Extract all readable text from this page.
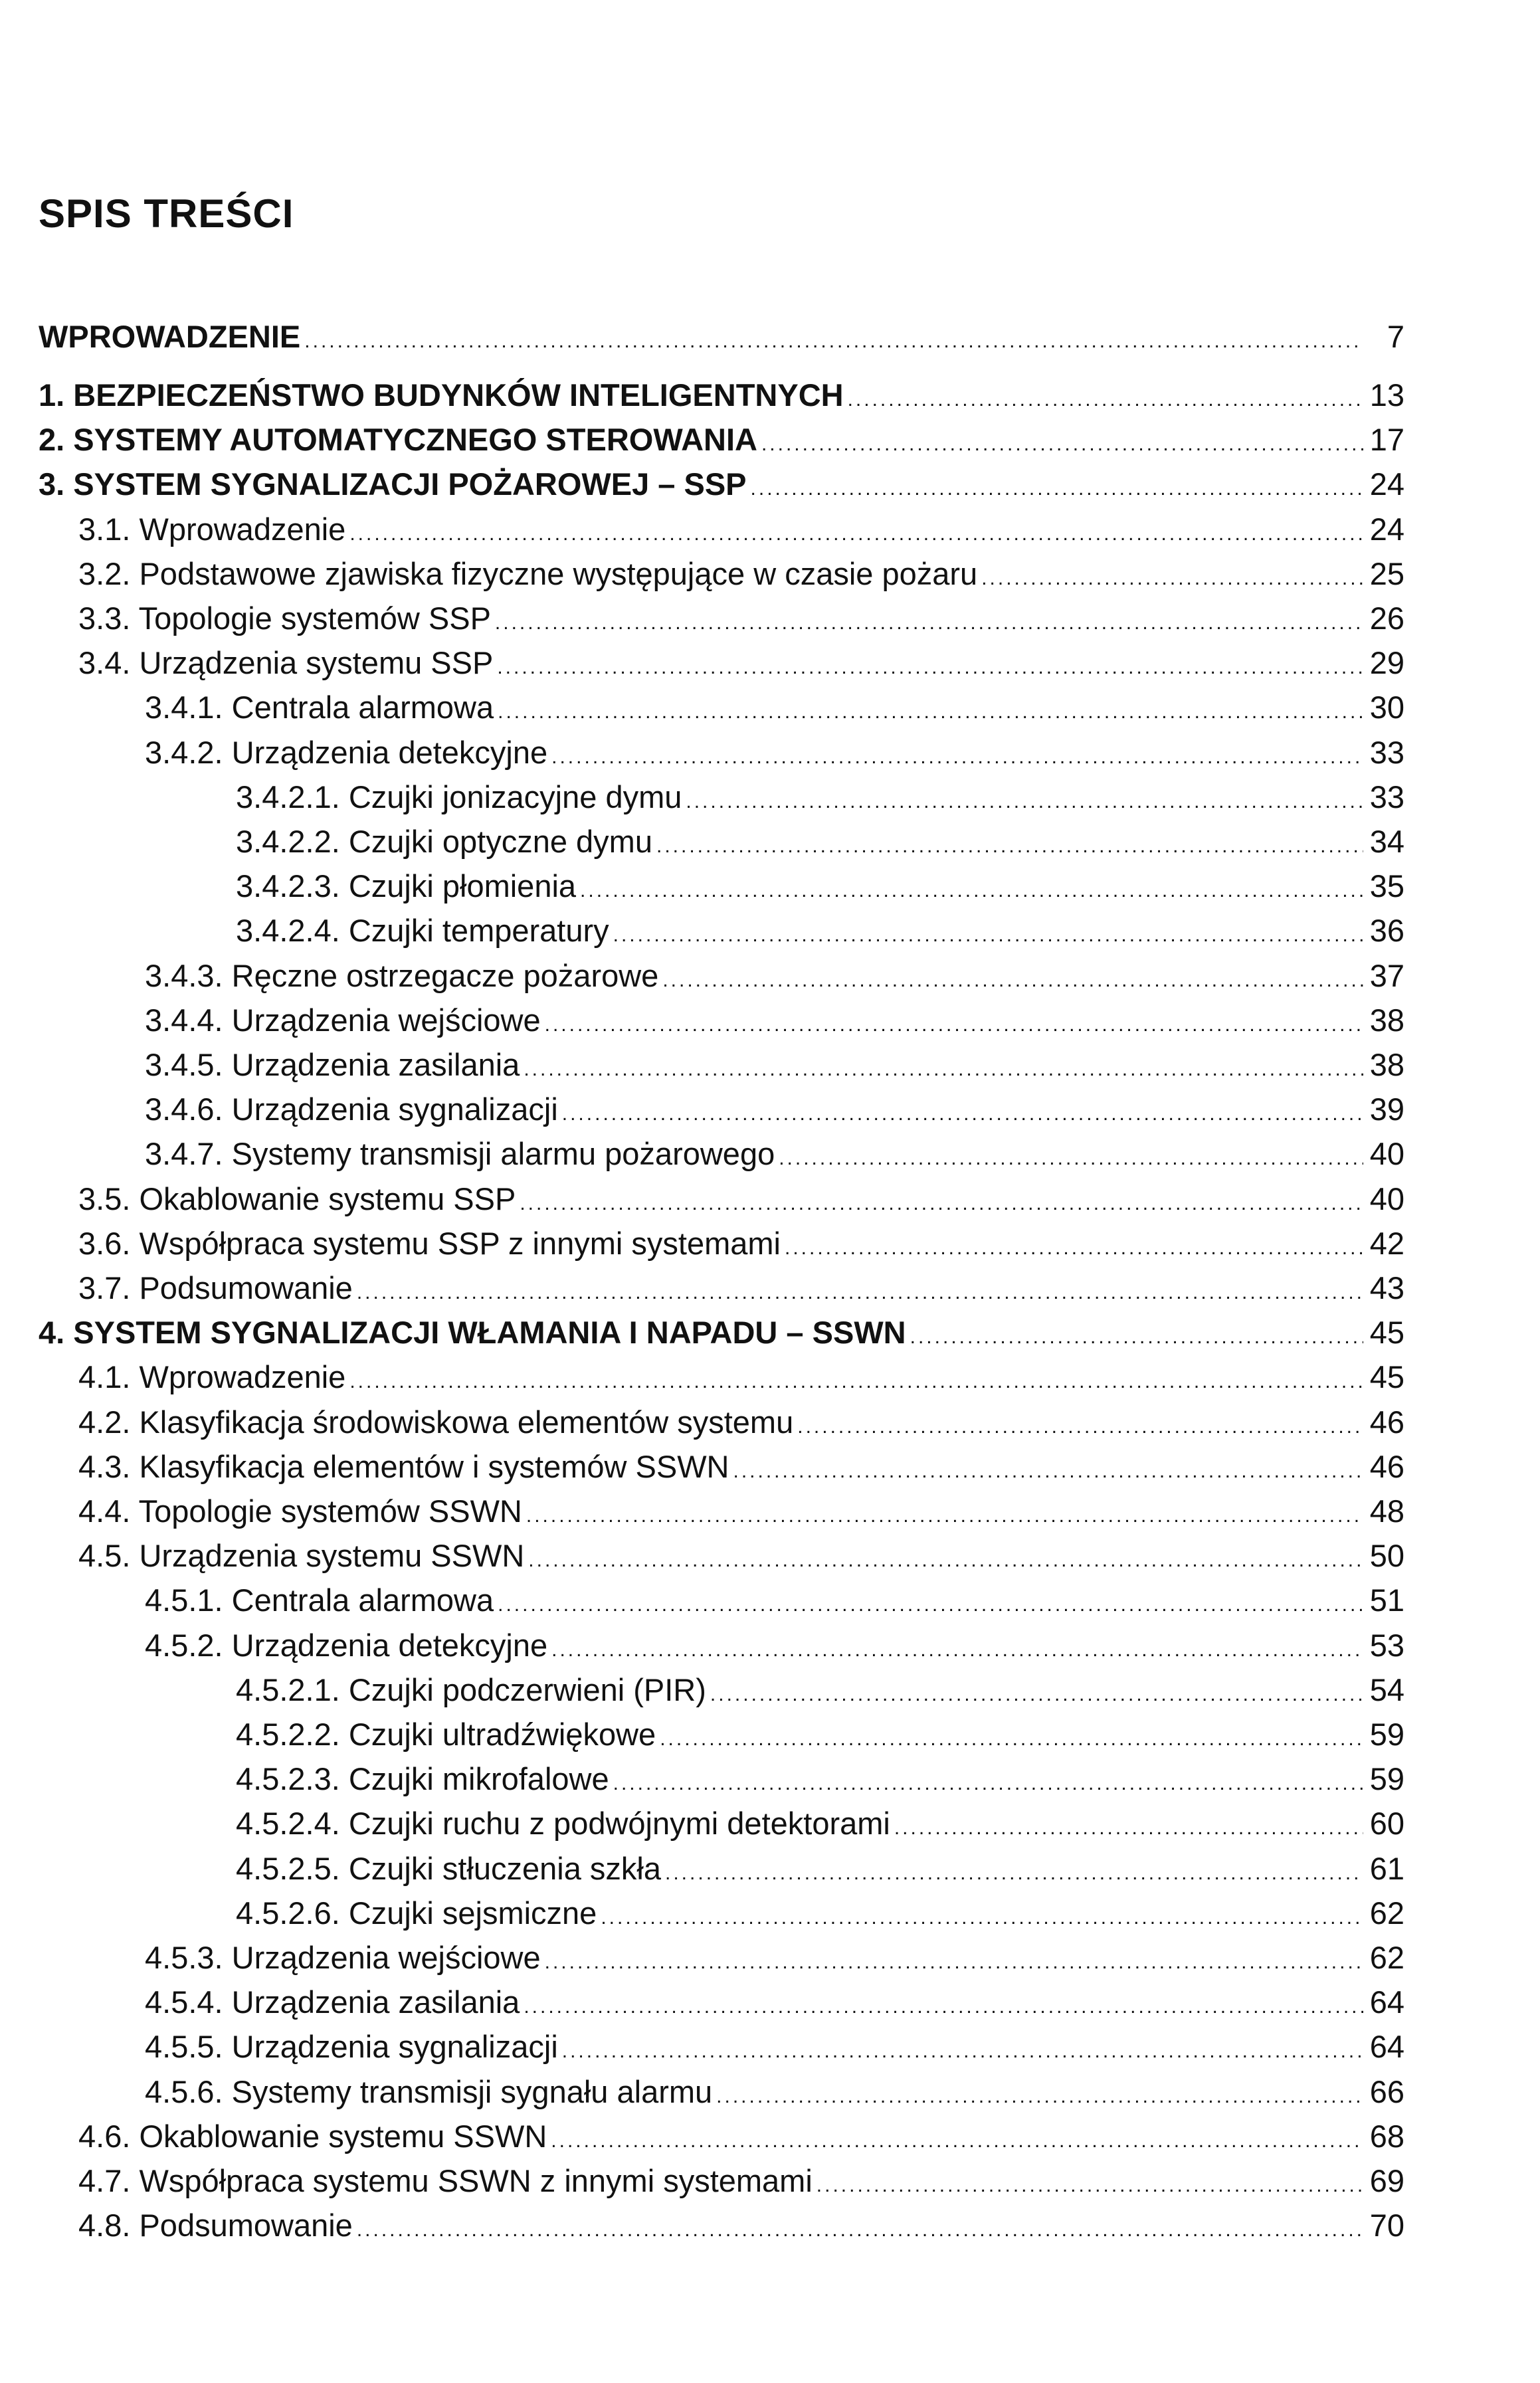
SPIS TREŚCI
WPROWADZENIE .....	7
1. BEZPIECZEŃSTWO BUDYNKÓW INTELIGENTNYCH .....	13
2. SYSTEMY AUTOMATYCZNEGO STEROWANIA .....	17
3. SYSTEM SYGNALIZACJI POŻAROWEJ – SSP .....	24
3.1. Wprowadzenie .....	24
3.2. Podstawowe zjawiska fizyczne występujące w czasie pożaru .....	25
3.3. Topologie systemów SSP .....	26
3.4. Urządzenia systemu SSP .....	29
3.4.1. Centrala alarmowa .....	30
3.4.2. Urządzenia detekcyjne .....	33
3.4.2.1. Czujki jonizacyjne dymu .....	33
3.4.2.2. Czujki optyczne dymu .....	34
3.4.2.3. Czujki płomienia .....	35
3.4.2.4. Czujki temperatury .....	36
3.4.3. Ręczne ostrzegacze pożarowe .....	37
3.4.4. Urządzenia wejściowe .....	38
3.4.5. Urządzenia zasilania .....	38
3.4.6. Urządzenia sygnalizacji .....	39
3.4.7. Systemy transmisji alarmu pożarowego .....	40
3.5. Okablowanie systemu SSP .....	40
3.6. Współpraca systemu SSP z innymi systemami .....	42
3.7. Podsumowanie .....	43
4. SYSTEM SYGNALIZACJI WŁAMANIA I NAPADU – SSWN .....	45
4.1. Wprowadzenie .....	45
4.2. Klasyfikacja środowiskowa elementów systemu .....	46
4.3. Klasyfikacja elementów i systemów SSWN .....	46
4.4. Topologie systemów SSWN .....	48
4.5. Urządzenia systemu SSWN .....	50
4.5.1. Centrala alarmowa .....	51
4.5.2. Urządzenia detekcyjne .....	53
4.5.2.1. Czujki podczerwieni (PIR) .....	54
4.5.2.2. Czujki ultradźwiękowe .....	59
4.5.2.3. Czujki mikrofalowe .....	59
4.5.2.4. Czujki ruchu z podwójnymi detektorami .....	60
4.5.2.5. Czujki stłuczenia szkła .....	61
4.5.2.6. Czujki sejsmiczne .....	62
4.5.3. Urządzenia wejściowe .....	62
4.5.4. Urządzenia zasilania .....	64
4.5.5. Urządzenia sygnalizacji .....	64
4.5.6. Systemy transmisji sygnału alarmu .....	66
4.6. Okablowanie systemu SSWN .....	68
4.7. Współpraca systemu SSWN z innymi systemami .....	69
4.8. Podsumowanie .....	70
